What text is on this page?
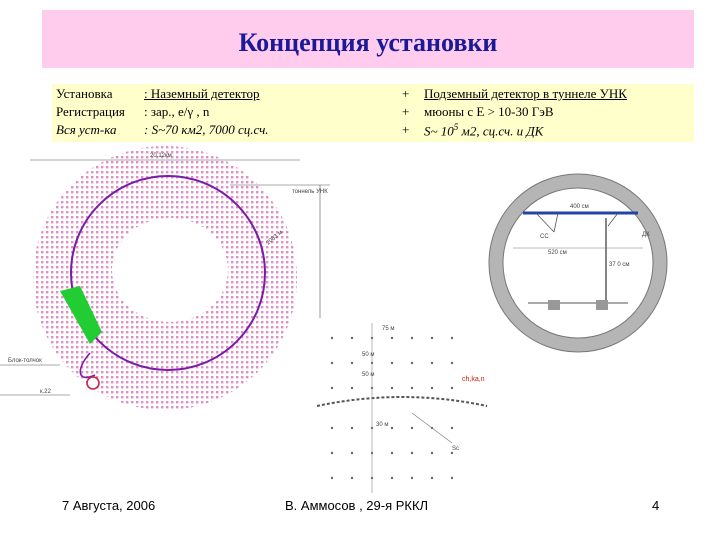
Концепция установки
Установка : Наземный детектор	+ Подземный детектор в туннеле УНК
Регистрация : зар., e/γ , n	+ мюоны с E > 10-30 ГэВ
Вся уст-ка : S~70 км2, 7000 сц.сч.	+ S~ $10^5$ м2, сц.сч. и ДК
20.12км
тоннель УНК
2083 м
Блок-толчок
к.22
400 см
СС	ДК
520 см
37 0 см
75 м
50 м
50 м
30 м
ch,ka,n
Sc
7 Августа, 2006	В. Аммосов , 29-я РККЛ	4
